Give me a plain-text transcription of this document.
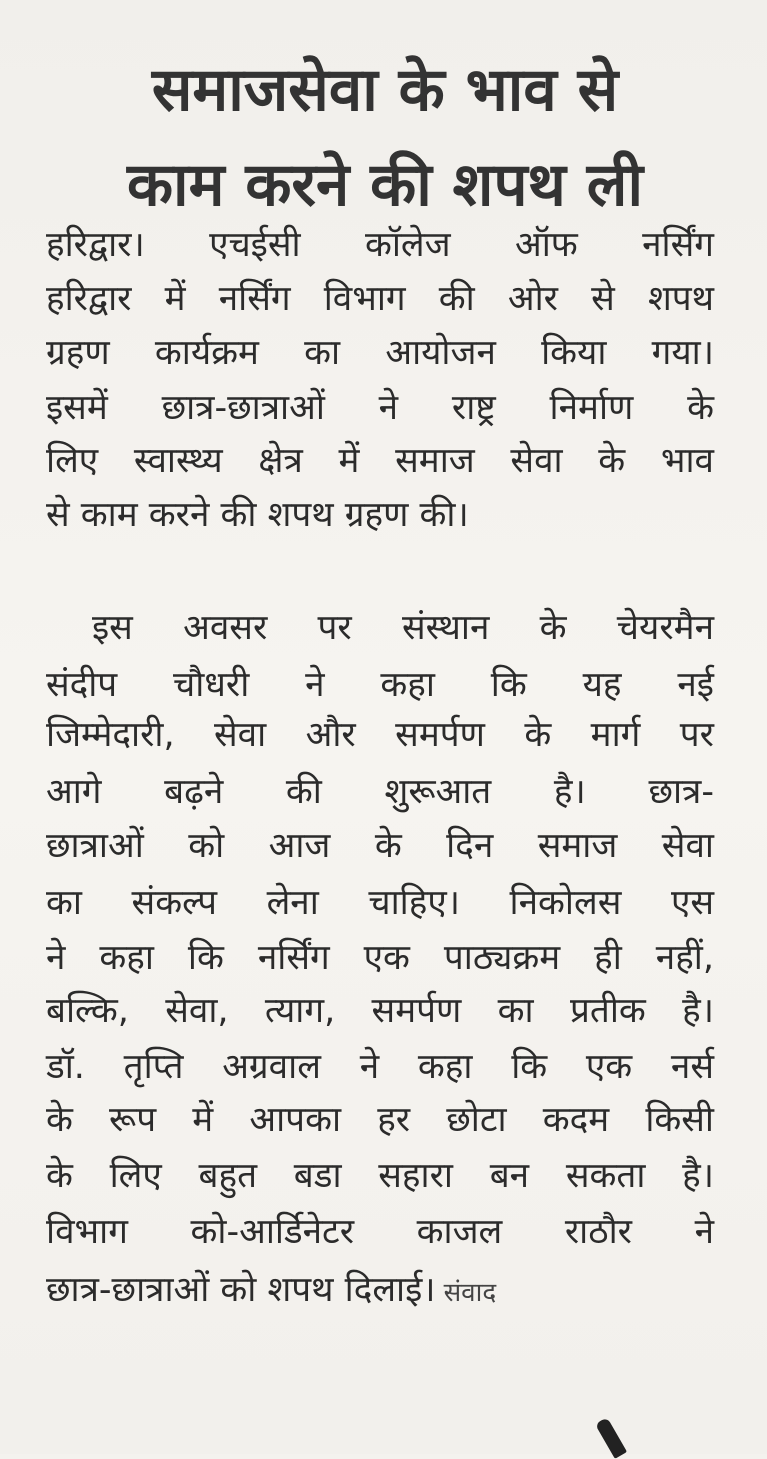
समाजसेवा के भाव से
काम करने की शपथ ली
हरिद्वार। एचईसी कॉलेज ऑफ नर्सिंग
हरिद्वार में नर्सिंग विभाग की ओर से शपथ
ग्रहण कार्यक्रम का आयोजन किया गया।
इसमें छात्र-छात्राओं ने राष्ट्र निर्माण के
लिए स्वास्थ्य क्षेत्र में समाज सेवा के भाव
से काम करने की शपथ ग्रहण की।
इस अवसर पर संस्थान के चेयरमैन
संदीप चौधरी ने कहा कि यह नई
जिम्मेदारी, सेवा और समर्पण के मार्ग पर
आगे बढ़ने की शुरूआत है। छात्र-
छात्राओं को आज के दिन समाज सेवा
का संकल्प लेना चाहिए। निकोलस एस
ने कहा कि नर्सिंग एक पाठ्यक्रम ही नहीं,
बल्कि, सेवा, त्याग, समर्पण का प्रतीक है।
डॉ. तृप्ति अग्रवाल ने कहा कि एक नर्स
के रूप में आपका हर छोटा कदम किसी
के लिए बहुत बडा सहारा बन सकता है।
विभाग को-आर्डिनेटर काजल राठौर ने
छात्र-छात्राओं को शपथ दिलाई। संवाद
